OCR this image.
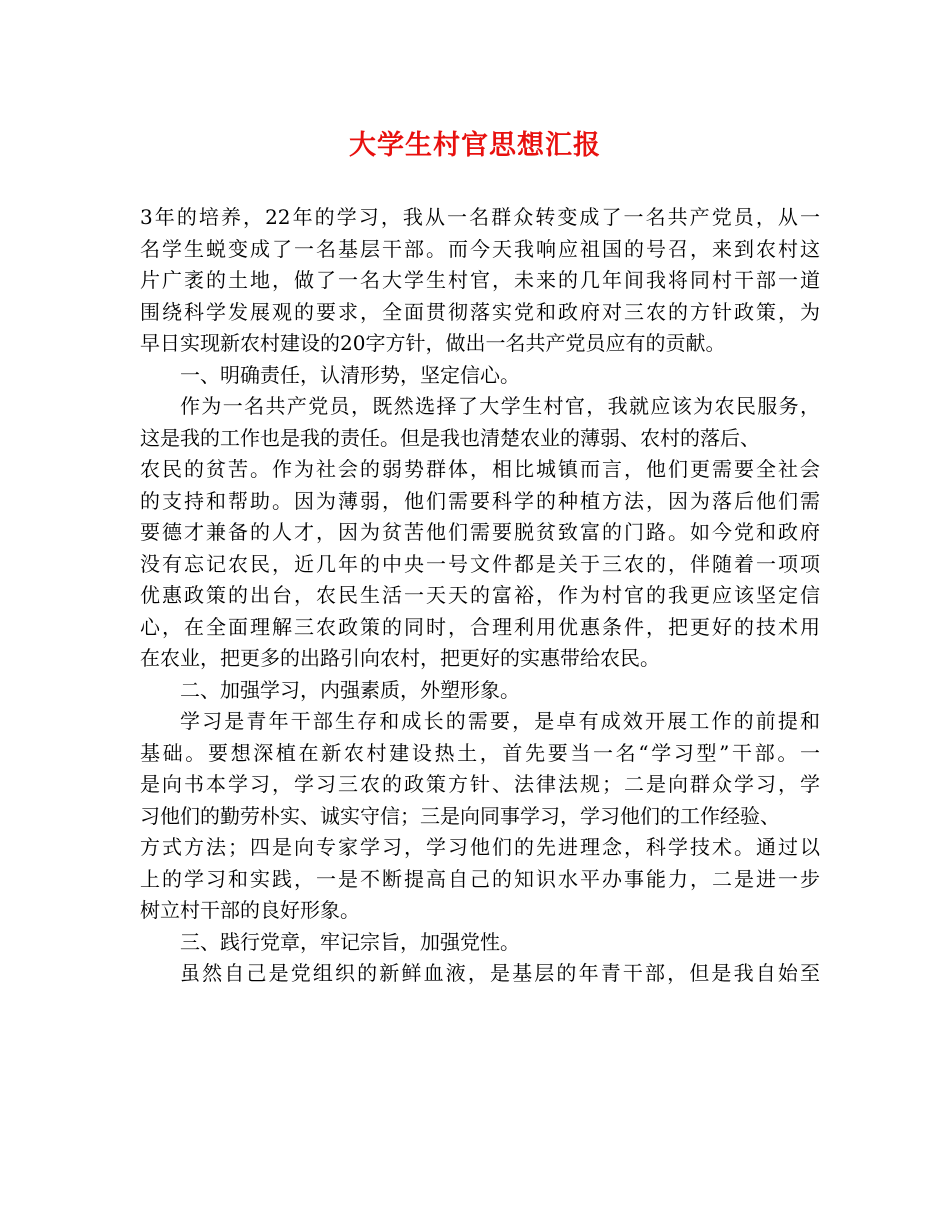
大学生村官思想汇报
3年的培养，22年的学习，我从一名群众转变成了一名共产党员，从一
名学生蜕变成了一名基层干部。而今天我响应祖国的号召，来到农村这
片广袤的土地，做了一名大学生村官，未来的几年间我将同村干部一道
围绕科学发展观的要求，全面贯彻落实党和政府对三农的方针政策，为
早日实现新农村建设的20字方针，做出一名共产党员应有的贡献。
一、明确责任，认清形势，坚定信心。
作为一名共产党员，既然选择了大学生村官，我就应该为农民服务，
这是我的工作也是我的责任。但是我也清楚农业的薄弱、农村的落后、
农民的贫苦。作为社会的弱势群体，相比城镇而言，他们更需要全社会
的支持和帮助。因为薄弱，他们需要科学的种植方法，因为落后他们需
要德才兼备的人才，因为贫苦他们需要脱贫致富的门路。如今党和政府
没有忘记农民，近几年的中央一号文件都是关于三农的，伴随着一项项
优惠政策的出台，农民生活一天天的富裕，作为村官的我更应该坚定信
心，在全面理解三农政策的同时，合理利用优惠条件，把更好的技术用
在农业，把更多的出路引向农村，把更好的实惠带给农民。
二、加强学习，内强素质，外塑形象。
学习是青年干部生存和成长的需要，是卓有成效开展工作的前提和
基础。要想深植在新农村建设热土，首先要当一名“学习型”干部。一
是向书本学习，学习三农的政策方针、法律法规；二是向群众学习，学
习他们的勤劳朴实、诚实守信；三是向同事学习，学习他们的工作经验、
方式方法；四是向专家学习，学习他们的先进理念，科学技术。通过以
上的学习和实践，一是不断提高自己的知识水平办事能力，二是进一步
树立村干部的良好形象。
三、践行党章，牢记宗旨，加强党性。
虽然自己是党组织的新鲜血液，是基层的年青干部，但是我自始至
